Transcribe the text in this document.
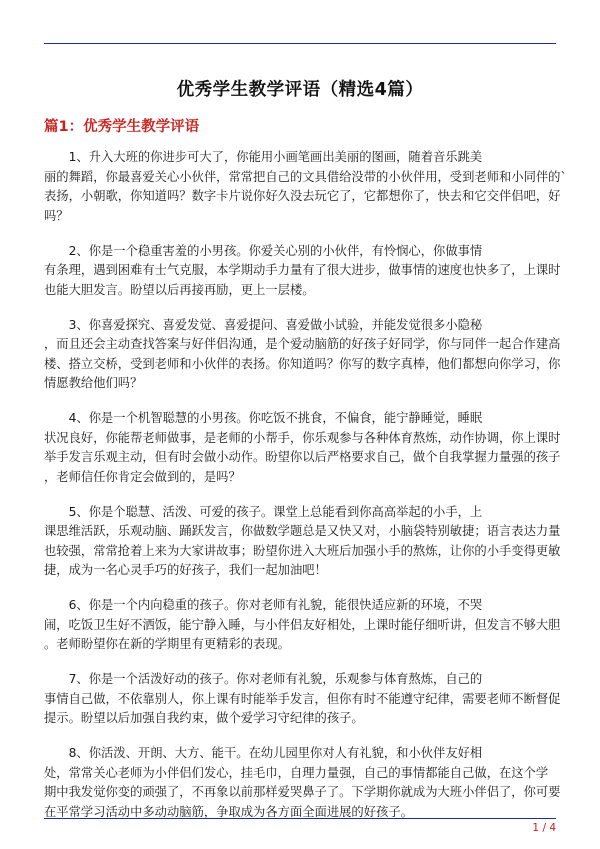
优秀学生教学评语（精选4篇）
篇1：优秀学生教学评语

　　1、升入大班的你进步可大了，你能用小画笔画出美丽的图画，随着音乐跳美
丽的舞蹈，你最喜爱关心小伙伴，常常把自己的文具借给没带的小伙伴用，受到老师和小同伴的`
表扬，小朝歌，你知道吗？数字卡片说你好久没去玩它了，它都想你了，快去和它交伴侣吧，好
吗？

　　2、你是一个稳重害羞的小男孩。你爱关心别的小伙伴，有怜悯心，你做事情
有条理，遇到困难有士气克服，本学期动手力量有了很大进步，做事情的速度也快多了，上课时
也能大胆发言。盼望以后再接再励，更上一层楼。

　　3、你喜爱探究、喜爱发觉、喜爱提问、喜爱做小试验，并能发觉很多小隐秘
，而且还会主动查找答案与好伴侣沟通，是个爱动脑筋的好孩子好同学，你与同伴一起合作建高
楼、搭立交桥，受到老师和小伙伴的表扬。你知道吗？你写的数字真棒，他们都想向你学习，你
情愿教给他们吗？

　　4、你是一个机智聪慧的小男孩。你吃饭不挑食，不偏食，能宁静睡觉，睡眠
状况良好，你能帮老师做事，是老师的小帮手，你乐观参与各种体育熬炼，动作协调，你上课时
举手发言乐观主动，但有时会做小动作。盼望你以后严格要求自己，做个自我掌握力量强的孩子
，老师信任你肯定会做到的，是吗？

　　5、你是个聪慧、活泼、可爱的孩子。课堂上总能看到你高高举起的小手，上
课思维活跃，乐观动脑、踊跃发言，你做数学题总是又快又对，小脑袋特别敏捷；语言表达力量
也较强，常常抢着上来为大家讲故事；盼望你进入大班后加强小手的熬炼，让你的小手变得更敏
捷，成为一名心灵手巧的好孩子，我们一起加油吧！

　　6、你是一个内向稳重的孩子。你对老师有礼貌，能很快适应新的环境，不哭
闹，吃饭卫生好不洒饭，能宁静入睡，与小伴侣友好相处，上课时能仔细听讲，但发言不够大胆
。老师盼望你在新的学期里有更精彩的表现。

　　7、你是一个活泼好动的孩子。你对老师有礼貌，乐观参与体育熬炼，自己的
事情自己做，不依靠别人，你上课有时能举手发言，但你有时不能遵守纪律，需要老师不断督促
提示。盼望以后加强自我约束，做个爱学习守纪律的孩子。

　　8、你活泼、开朗、大方、能干。在幼儿园里你对人有礼貌，和小伙伴友好相
处，常常关心老师为小伴侣们发心，挂毛巾，自理力量强，自己的事情都能自己做，在这个学
期中我发觉你变的顽强了，不再象以前那样爱哭鼻子了。下学期你就成为大班小伴侣了，你可要
在平常学习活动中多动动脑筋，争取成为各方面全面进展的好孩子。

1 / 4
